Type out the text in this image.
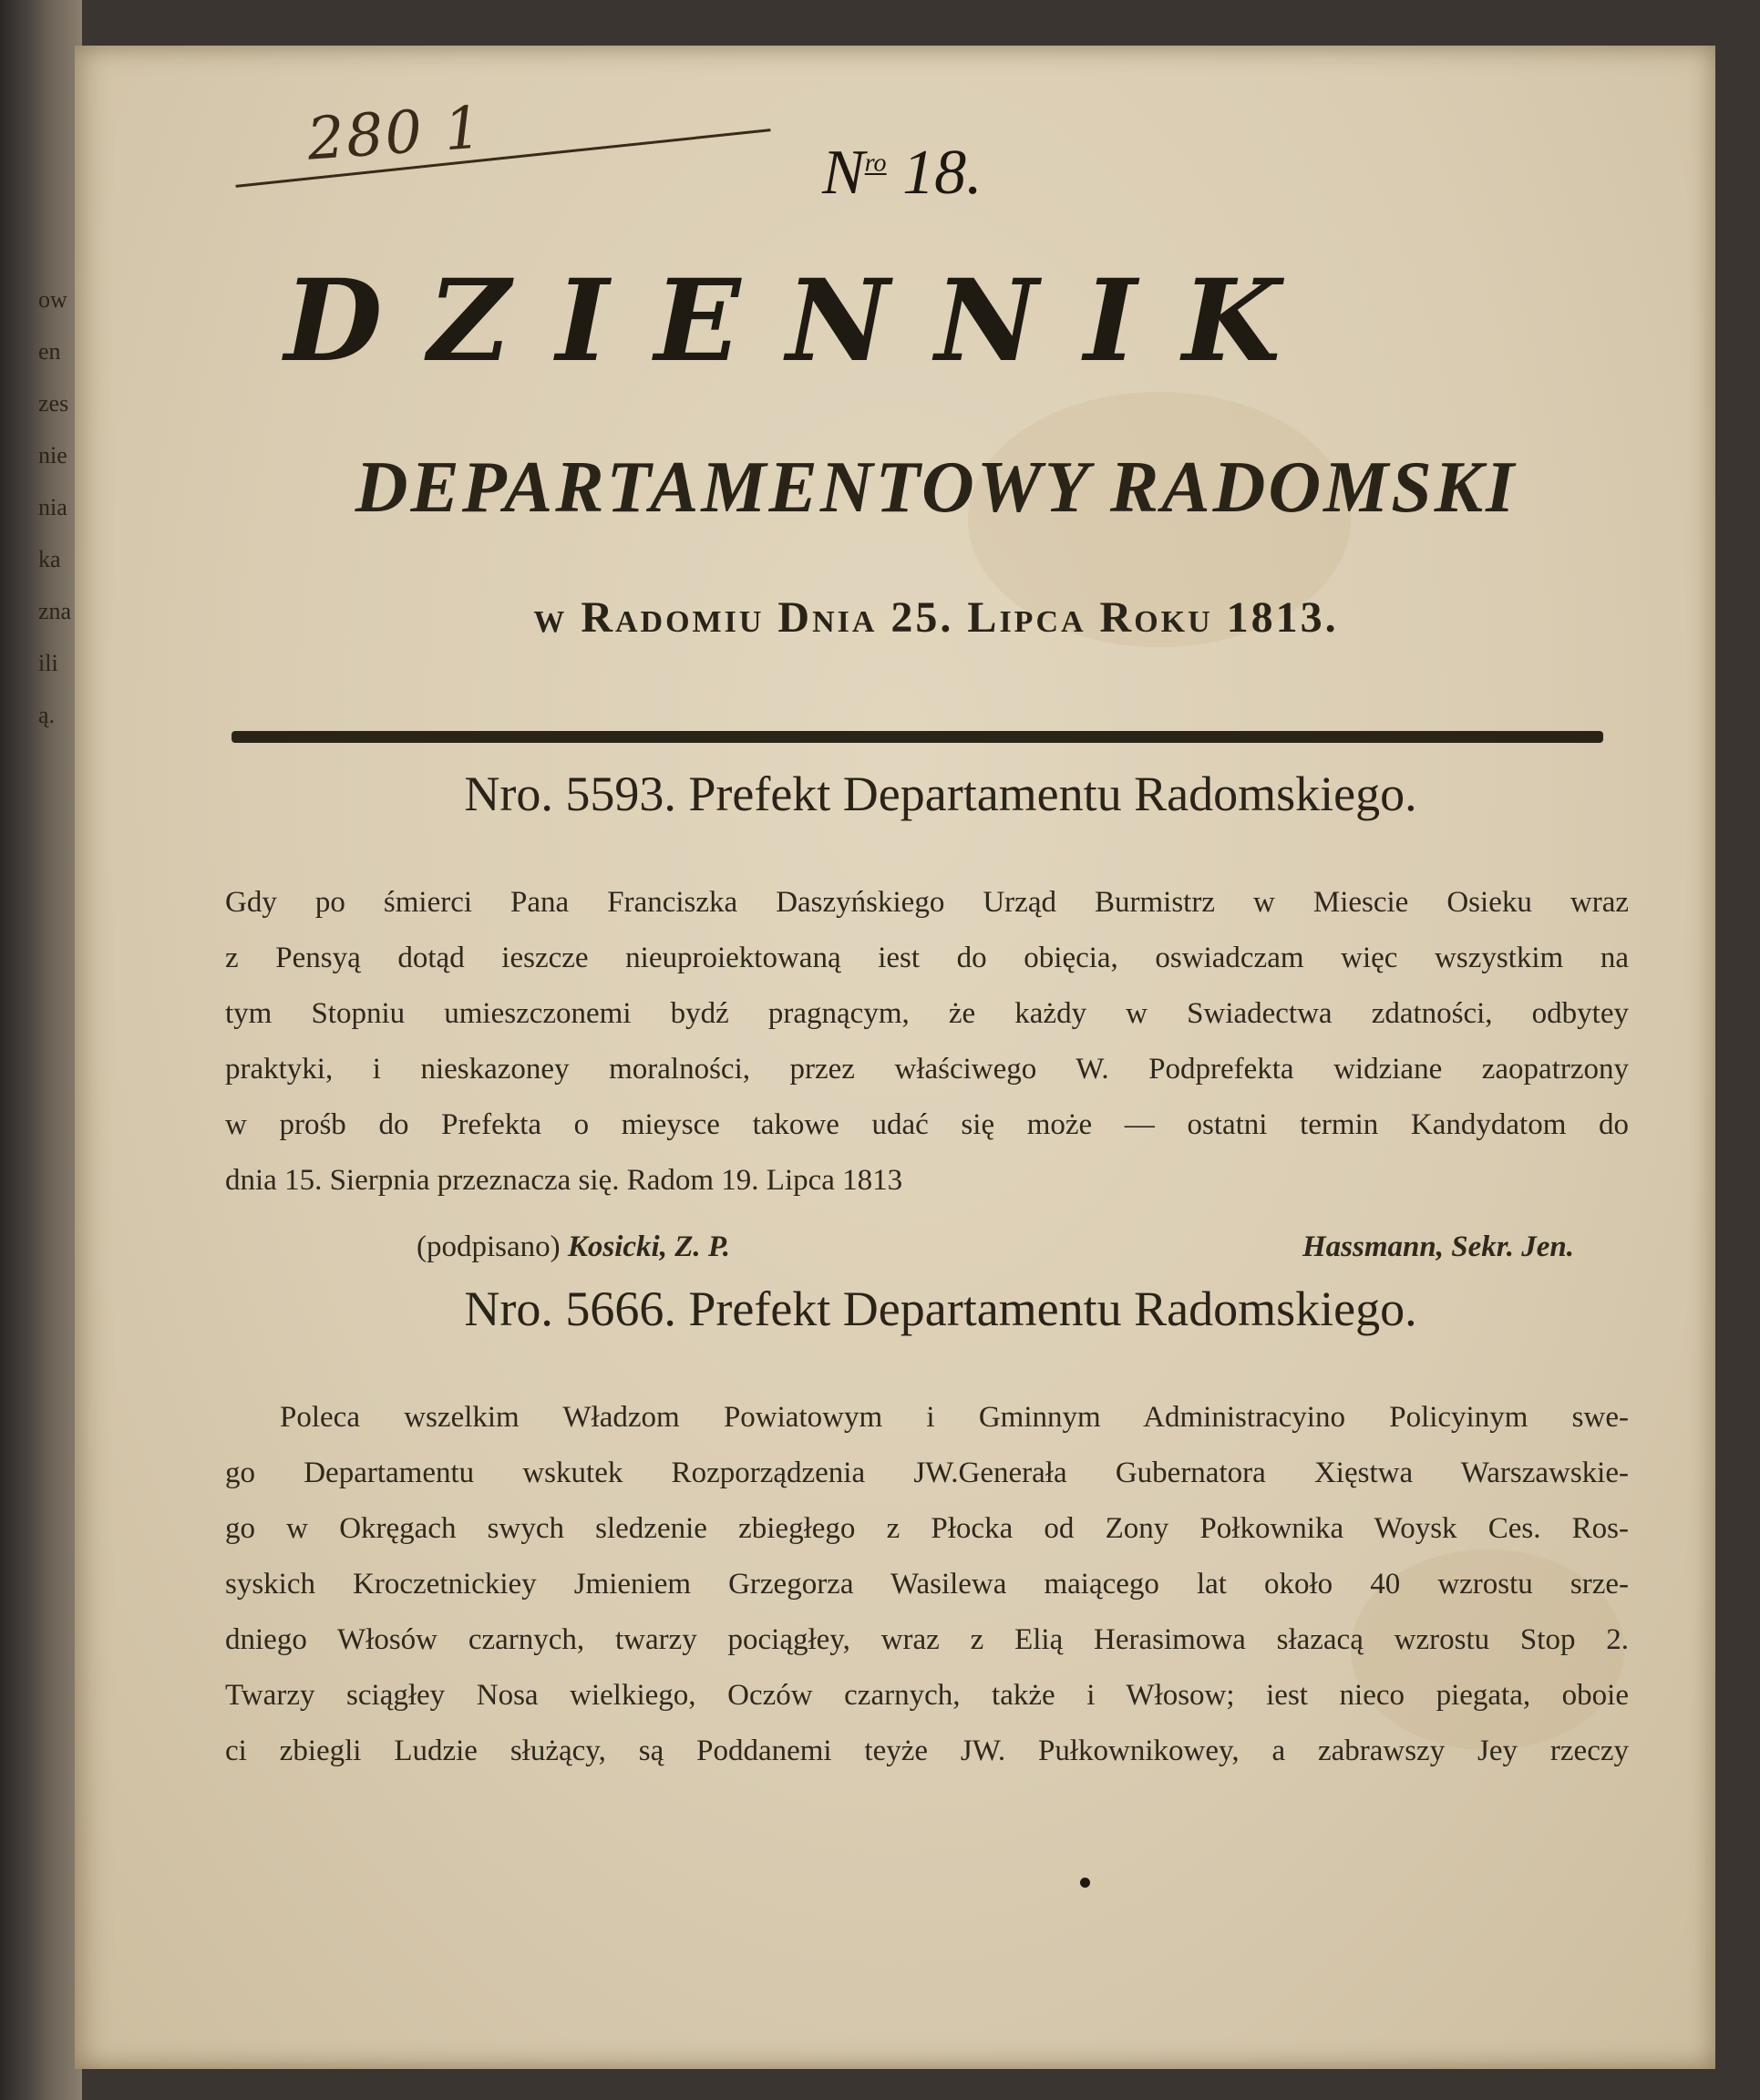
ow
en
zes
nie
nia
ka
zna
ili
ą.
280 1	$N^{ro}$ 18.
DZIENNIK
DEPARTAMENTOWY RADOMSKI
w Radomiu Dnia 25. Lipca Roku 1813.
Nro. 5593. Prefekt Departamentu Radomskiego.
Gdy po śmierci Pana Franciszka Daszyńskiego Urząd Burmistrz w Miescie Osieku wraz
z Pensyą dotąd ieszcze nieuproiektowaną iest do obięcia, oswiadczam więc wszystkim na
tym Stopniu umieszczonemi bydź pragnącym, że każdy w Swiadectwa zdatności, odbytey
praktyki, i nieskazoney moralności, przez właściwego W. Podprefekta widziane zaopatrzony
w prośb do Prefekta o mieysce takowe udać się może — ostatni termin Kandydatom do
dnia 15. Sierpnia przeznacza się. Radom 19. Lipca 1813
(podpisano) Kosicki, Z. P.	Hassmann, Sekr. Jen.
Nro. 5666. Prefekt Departamentu Radomskiego.
Poleca wszelkim Władzom Powiatowym i Gminnym Administracyino Policyinym swe-
go Departamentu wskutek Rozporządzenia JW.Generała Gubernatora Xięstwa Warszawskie-
go w Okręgach swych sledzenie zbiegłego z Płocka od Zony Połkownika Woysk Ces. Ros-
syskich Kroczetnickiey Jmieniem Grzegorza Wasilewa maiącego lat około 40 wzrostu srze-
dniego Włosów czarnych, twarzy pociągłey, wraz z Elią Herasimowa słazacą wzrostu Stop 2.
Twarzy sciągłey Nosa wielkiego, Oczów czarnych, także i Włosow; iest nieco piegata, oboie
ci zbiegli Ludzie służący, są Poddanemi teyże JW. Pułkownikowey, a zabrawszy Jey rzeczy
